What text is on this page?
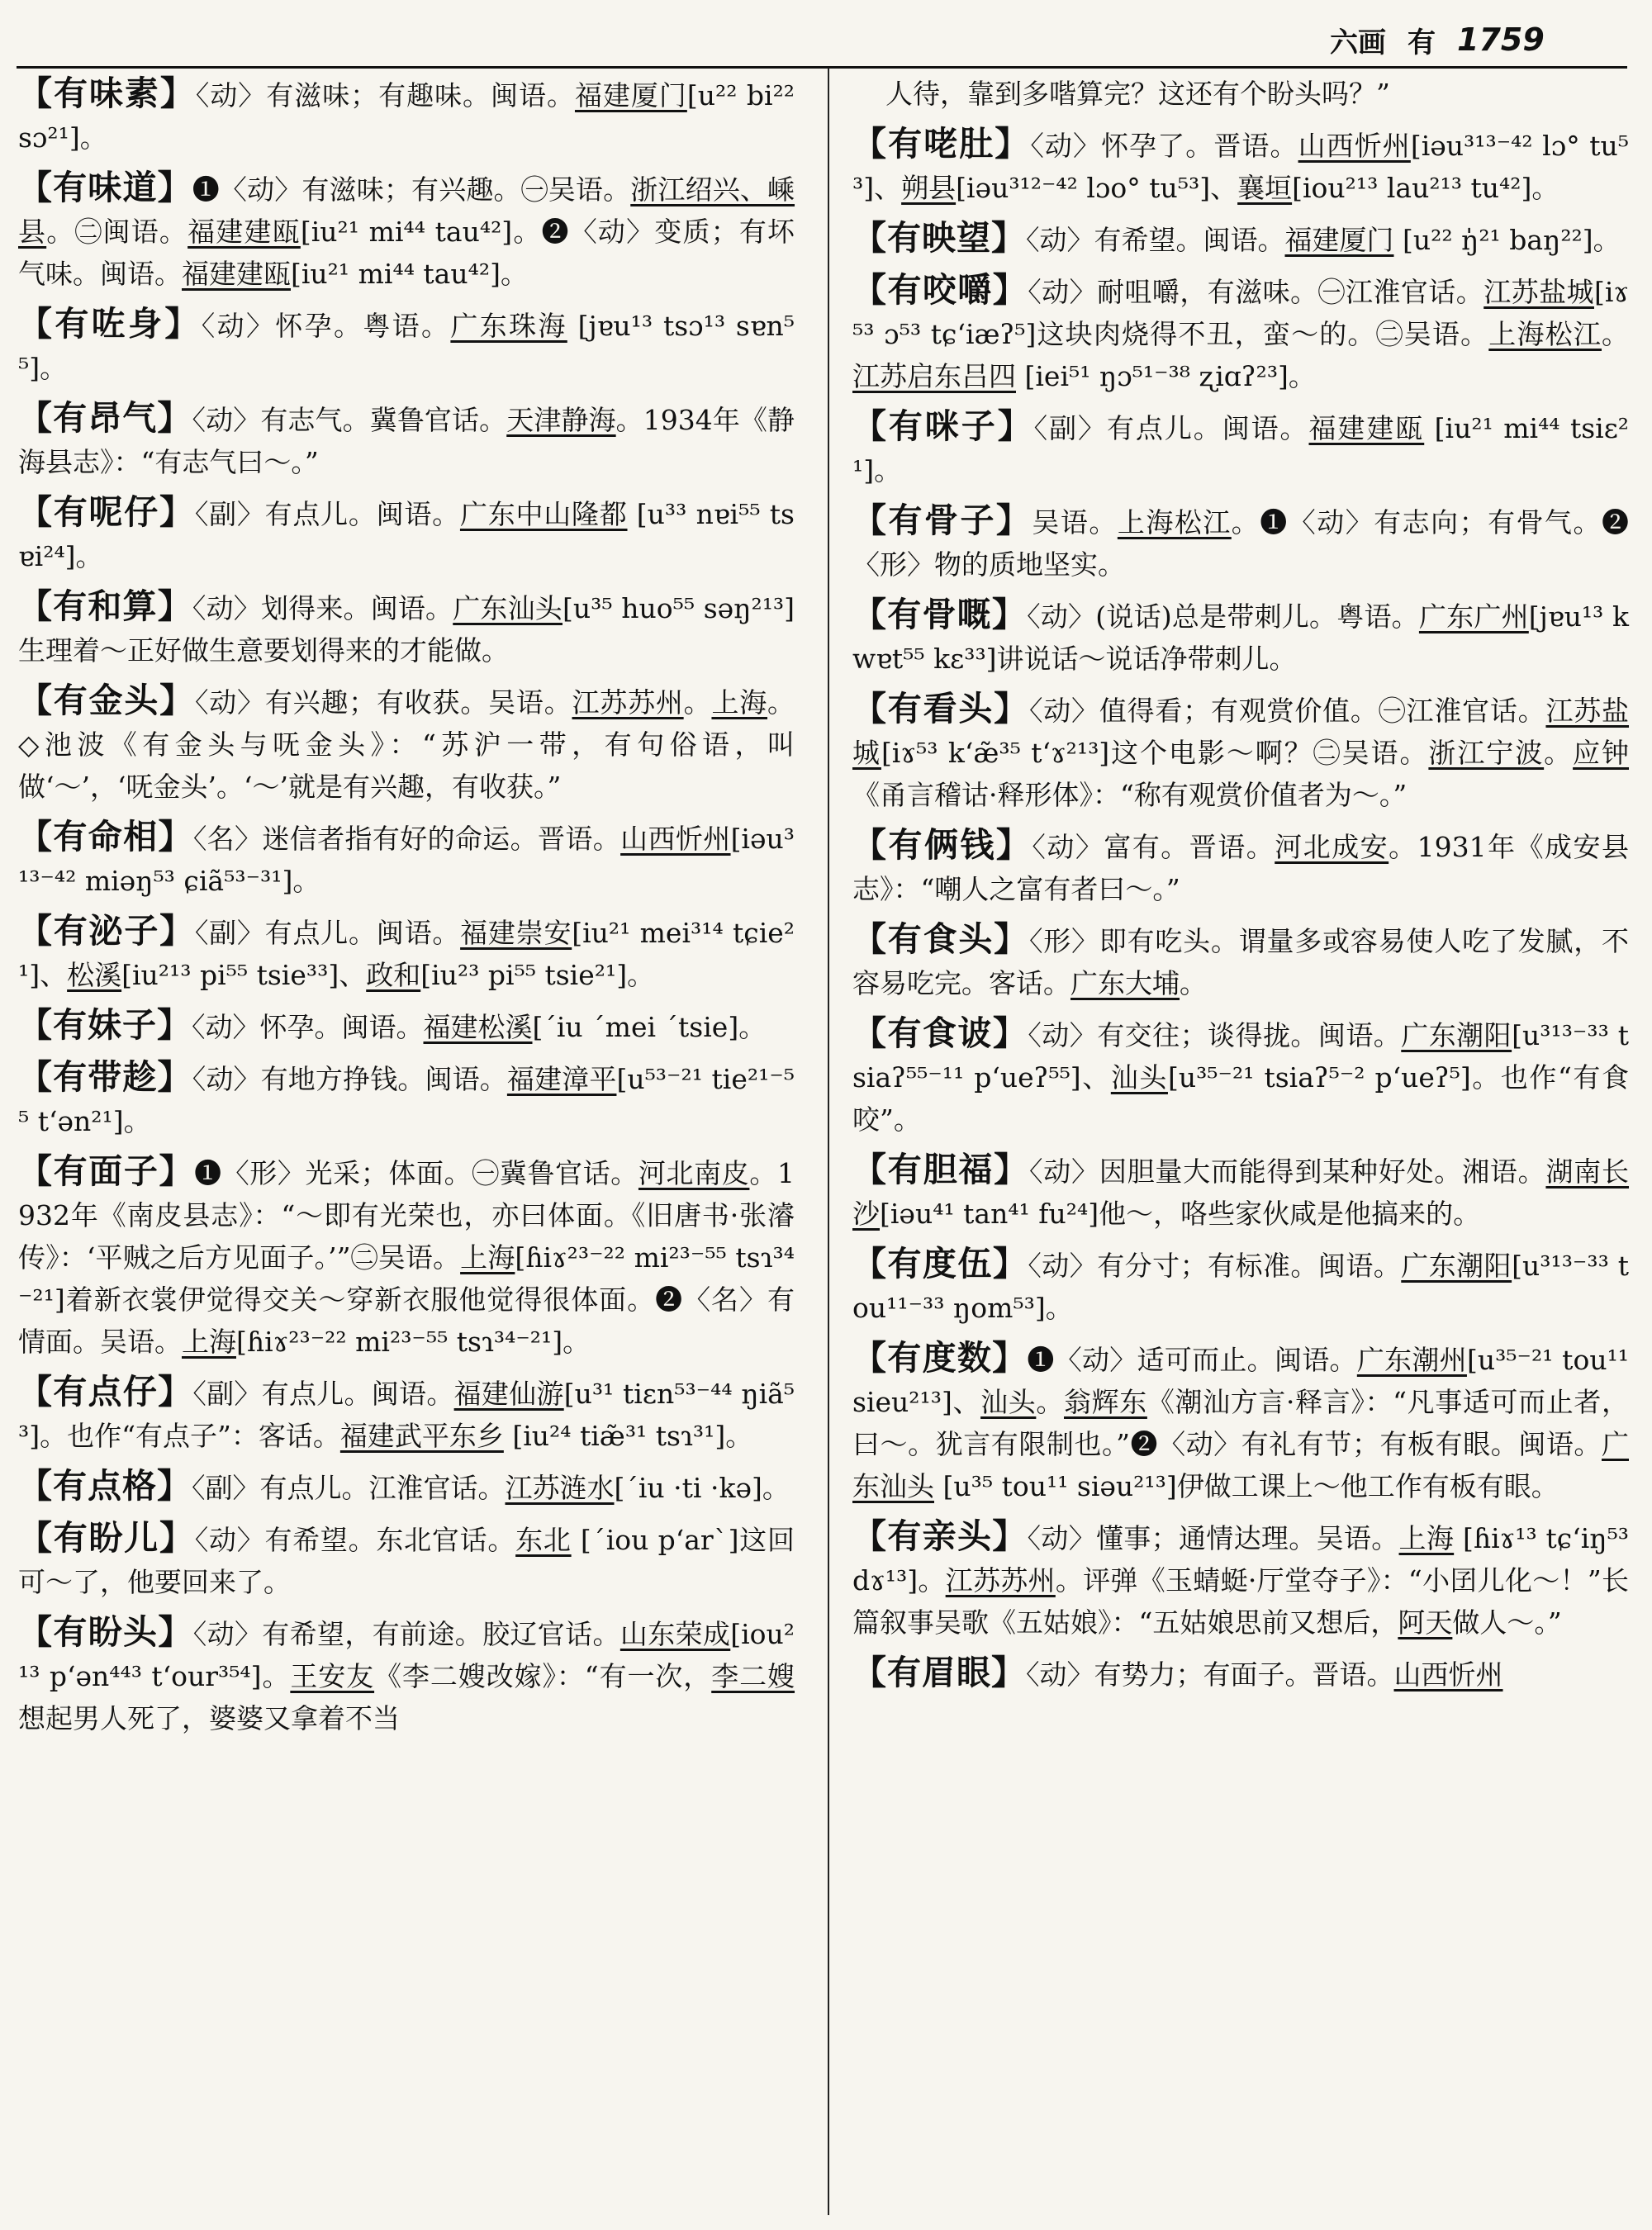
六画 有 1759

【有味素】〈动〉有滋味；有趣味。闽语。福建厦门[u²² bi²² sɔ²¹]。

【有味道】❶〈动〉有滋味；有兴趣。㊀吴语。浙江绍兴、嵊县。㊁闽语。福建建瓯[iu²¹ mi⁴⁴ tau⁴²]。❷〈动〉变质；有坏气味。闽语。福建建瓯[iu²¹ mi⁴⁴ tau⁴²]。

【有咗身】〈动〉怀孕。粤语。广东珠海 [jɐu¹³ tsɔ¹³ sɐn⁵⁵]。

【有昂气】〈动〉有志气。冀鲁官话。天津静海。1934年《静海县志》：“有志气曰～。”

【有呢仔】〈副〉有点儿。闽语。广东中山隆都 [u³³ nɐi⁵⁵ tsɐi²⁴]。

【有和算】〈动〉划得来。闽语。广东汕头[u³⁵ huo⁵⁵ səŋ²¹³]生理着～正好做生意要划得来的才能做。

【有金头】〈动〉有兴趣；有收获。吴语。江苏苏州。上海。◇池波《有金头与呒金头》：“苏沪一带，有句俗语，叫做‘～’，‘呒金头’。‘～’就是有兴趣，有收获。”

【有命相】〈名〉迷信者指有好的命运。晋语。山西忻州[iəu³¹³⁻⁴² miəŋ⁵³ ɕiã⁵³⁻³¹]。

【有泌子】〈副〉有点儿。闽语。福建崇安[iu²¹ mei³¹⁴ tɕie²¹]、松溪[iu²¹³ pi⁵⁵ tsie³³]、政和[iu²³ pi⁵⁵ tsie²¹]。

【有妹子】〈动〉怀孕。闽语。福建松溪[ˊiu ˊmei ˊtsie]。

【有带趁】〈动〉有地方挣钱。闽语。福建漳平[u⁵³⁻²¹ tie²¹⁻⁵⁵ tʻən²¹]。

【有面子】❶〈形〉光采；体面。㊀冀鲁官话。河北南皮。1932年《南皮县志》：“～即有光荣也，亦曰体面。《旧唐书·张濬传》：‘平贼之后方见面子。’”㊁吴语。上海[ɦiɤ²³⁻²² mi²³⁻⁵⁵ tsɿ³⁴⁻²¹]着新衣裳伊觉得交关～穿新衣服他觉得很体面。❷〈名〉有情面。吴语。上海[ɦiɤ²³⁻²² mi²³⁻⁵⁵ tsɿ³⁴⁻²¹]。

【有点仔】〈副〉有点儿。闽语。福建仙游[u³¹ tiɛn⁵³⁻⁴⁴ ŋiã⁵³]。也作“有点子”：客话。福建武平东乡 [iu²⁴ tiæ̃³¹ tsɿ³¹]。

【有点格】〈副〉有点儿。江淮官话。江苏涟水[ˊiu ·ti ·kə]。

【有盼儿】〈动〉有希望。东北官话。东北 [ˊiou pʻarˋ]这回可～了，他要回来了。

【有盼头】〈动〉有希望，有前途。胶辽官话。山东荣成[iou²¹³ pʻən⁴⁴³ tʻour³⁵⁴]。王安友《李二嫂改嫁》：“有一次，李二嫂想起男人死了，婆婆又拿着不当

人待，靠到多喈算完？这还有个盼头吗？”

【有咾肚】〈动〉怀孕了。晋语。山西忻州[iəu³¹³⁻⁴² lɔ° tu⁵³]、朔县[iəu³¹²⁻⁴² lɔo° tu⁵³]、襄垣[iou²¹³ lau²¹³ tu⁴²]。

【有映望】〈动〉有希望。闽语。福建厦门 [u²² ŋ̍²¹ baŋ²²]。

【有咬嚼】〈动〉耐咀嚼，有滋味。㊀江淮官话。江苏盐城[iɤ⁵³ ɔ⁵³ tɕʻiæʔ⁵]这块肉烧得不丑，蛮～的。㊁吴语。上海松江。江苏启东吕四 [iei⁵¹ ŋɔ⁵¹⁻³⁸ ʐiɑʔ²³]。

【有咪子】〈副〉有点儿。闽语。福建建瓯 [iu²¹ mi⁴⁴ tsiɛ²¹]。

【有骨子】吴语。上海松江。❶〈动〉有志向；有骨气。❷〈形〉物的质地坚实。

【有骨嘅】〈动〉(说话)总是带刺儿。粤语。广东广州[jɐu¹³ kwɐt⁵⁵ kɛ³³]讲说话～说话净带刺儿。

【有看头】〈动〉值得看；有观赏价值。㊀江淮官话。江苏盐城[iɤ⁵³ kʻæ̃³⁵ tʻɤ²¹³]这个电影～啊？㊁吴语。浙江宁波。应钟《甬言稽诂·释形体》：“称有观赏价值者为～。”

【有俩钱】〈动〉富有。晋语。河北成安。1931年《成安县志》：“嘲人之富有者曰～。”

【有食头】〈形〉即有吃头。谓量多或容易使人吃了发腻，不容易吃完。客话。广东大埔。

【有食诐】〈动〉有交往；谈得拢。闽语。广东潮阳[u³¹³⁻³³ tsiaʔ⁵⁵⁻¹¹ pʻueʔ⁵⁵]、汕头[u³⁵⁻²¹ tsiaʔ⁵⁻² pʻueʔ⁵]。也作“有食咬”。

【有胆福】〈动〉因胆量大而能得到某种好处。湘语。湖南长沙[iəu⁴¹ tan⁴¹ fu²⁴]他～，咯些家伙咸是他搞来的。

【有度伍】〈动〉有分寸；有标准。闽语。广东潮阳[u³¹³⁻³³ tou¹¹⁻³³ ŋom⁵³]。

【有度数】❶〈动〉适可而止。闽语。广东潮州[u³⁵⁻²¹ tou¹¹ sieu²¹³]、汕头。翁辉东《潮汕方言·释言》：“凡事适可而止者，曰～。犹言有限制也。”❷〈动〉有礼有节；有板有眼。闽语。广东汕头 [u³⁵ tou¹¹ siəu²¹³]伊做工课上～他工作有板有眼。

【有亲头】〈动〉懂事；通情达理。吴语。上海 [ɦiɤ¹³ tɕʻiŋ⁵³ dɤ¹³]。江苏苏州。评弹《玉蜻蜓·厅堂夺子》：“小囝儿化～！”长篇叙事吴歌《五姑娘》：“五姑娘思前又想后，阿天做人～。”

【有眉眼】〈动〉有势力；有面子。晋语。山西忻州
